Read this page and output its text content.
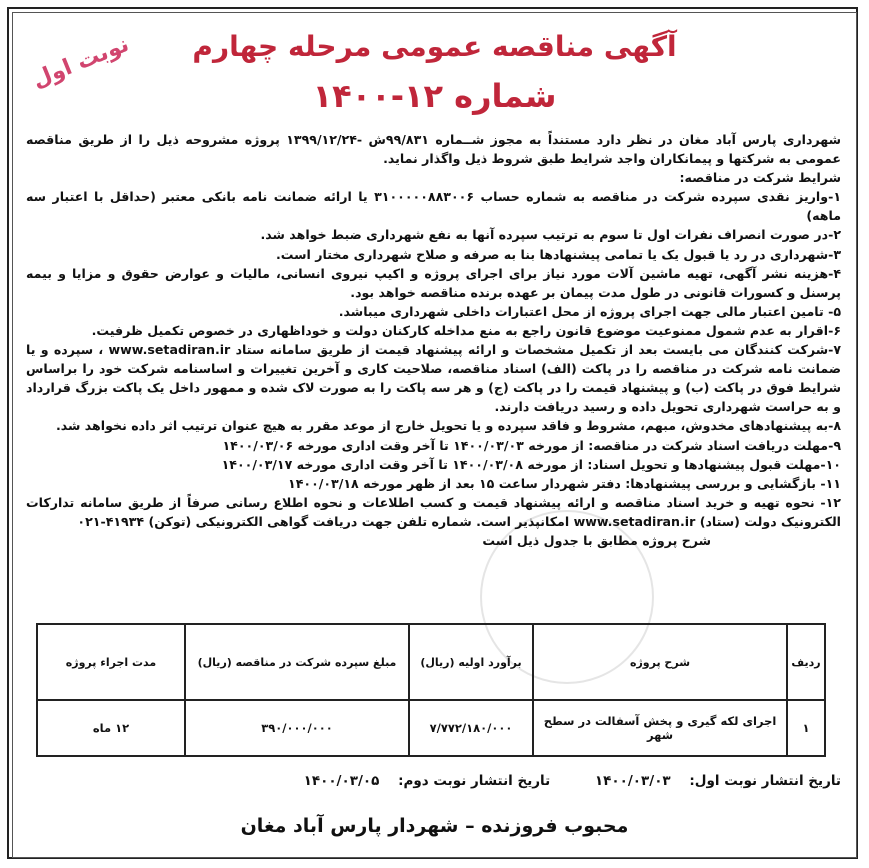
نوبت اول	آگهی مناقصه عمومی مرحله چهارم
شماره ۱۲-۱۴۰۰

شهرداری پارس آباد مغان در نظر دارد مستنداً به مجوز شــماره ۹۹/۸۳۱ش -۱۳۹۹/۱۲/۲۴ پروژه مشروحه ذیل را از طریق مناقصه عمومی به شرکتها و پیمانکاران واجد شرایط طبق شروط ذیل واگذار نماید.

شرایط شرکت در مناقصه:

۱-واریز نقدی سپرده شرکت در مناقصه به شماره حساب ۳۱۰۰۰۰۰۸۸۳۰۰۶ یا ارائه ضمانت نامه بانکی معتبر (حداقل با اعتبار سه ماهه)

۲-در صورت انصراف نفرات اول تا سوم به ترتیب سپرده آنها به نفع شهرداری ضبط خواهد شد.

۳-شهرداری در رد یا قبول یک یا تمامی پیشنهادها بنا به صرفه و صلاح شهرداری مختار است.

۴-هزینه نشر آگهی، تهیه ماشین آلات مورد نیاز برای اجرای پروژه و اکیپ نیروی انسانی، مالیات و عوارض حقوق و مزایا و بیمه پرسنل و کسورات قانونی در طول مدت پیمان بر عهده برنده مناقصه خواهد بود.

۵- تامین اعتبار مالی جهت اجرای پروژه از محل اعتبارات داخلی شهرداری میباشد.

۶-اقرار به عدم شمول ممنوعیت موضوع قانون راجع به منع مداخله کارکنان دولت و خوداظهاری در خصوص تکمیل ظرفیت.

۷-شرکت کنندگان می بایست بعد از تکمیل مشخصات و ارائه پیشنهاد قیمت از طریق سامانه ستاد www.setadiran.ir ، سپرده و یا ضمانت نامه شرکت در مناقصه را در پاکت (الف) اسناد مناقصه، صلاحیت کاری و آخرین تغییرات و اساسنامه شرکت خود را براساس شرایط فوق در پاکت (ب) و پیشنهاد قیمت را در پاکت (ج) و هر سه پاکت را به صورت لاک شده و ممهور داخل یک پاکت بزرگ قرارداد و به حراست شهرداری تحویل داده و رسید دریافت دارند.

۸-به پیشنهادهای مخدوش، مبهم، مشروط و فاقد سپرده و یا تحویل خارج از موعد مقرر به هیچ عنوان ترتیب اثر داده نخواهد شد.

۹-مهلت دریافت اسناد شرکت در مناقصه: از مورخه ۱۴۰۰/۰۳/۰۳ تا آخر وقت اداری مورخه ۱۴۰۰/۰۳/۰۶

۱۰-مهلت قبول پیشنهادها و تحویل اسناد: از مورخه ۱۴۰۰/۰۳/۰۸ تا آخر وقت اداری مورخه ۱۴۰۰/۰۳/۱۷

۱۱- بازگشایی و بررسی پیشنهادها: دفتر شهردار ساعت ۱۵ بعد از ظهر مورخه ۱۴۰۰/۰۳/۱۸

۱۲- نحوه تهیه و خرید اسناد مناقصه و ارائه پیشنهاد قیمت و کسب اطلاعات و نحوه اطلاع رسانی صرفاً از طریق سامانه تدارکات الکترونیک دولت (ستاد) www.setadiran.ir امکانپذیر است. شماره تلفن جهت دریافت گواهی الکترونیکی (توکن) ۴۱۹۳۴-۰۲۱

شرح پروژه مطابق با جدول ذیل است

ردیف	شرح پروژه	برآورد اولیه (ریال)	مبلغ سپرده شرکت در مناقصه (ریال)	مدت اجراء پروژه
۱	اجرای لکه گیری و پخش آسفالت در سطح شهر	۷/۷۷۲/۱۸۰/۰۰۰	۳۹۰/۰۰۰/۰۰۰	۱۲ ماه
تاریخ انتشار نوبت اول: ۱۴۰۰/۰۳/۰۳ تاریخ انتشار نوبت دوم: ۱۴۰۰/۰۳/۰۵
محبوب فروزنده – شهردار پارس آباد مغان
